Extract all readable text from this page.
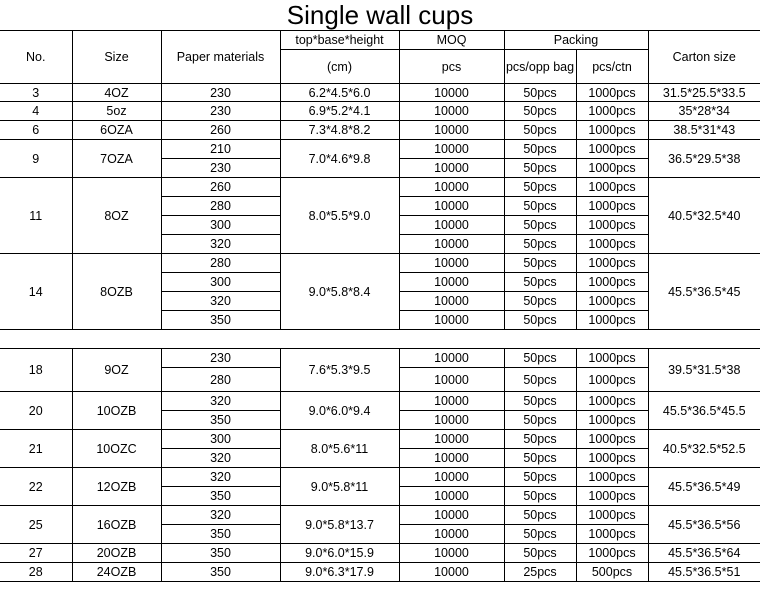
Single wall cups
No.	Size	Paper materials	top*base*height	MOQ	Packing		Carton size
			(cm)	pcs	pcs/opp bag	pcs/ctn	
3	4OZ	230	6.2*4.5*6.0	10000	50pcs	1000pcs	31.5*25.5*33.5
4	5oz	230	6.9*5.2*4.1	10000	50pcs	1000pcs	35*28*34
6	6OZA	260	7.3*4.8*8.2	10000	50pcs	1000pcs	38.5*31*43
9	7OZA	210	7.0*4.6*9.8	10000	50pcs	1000pcs	36.5*29.5*38
		230		10000	50pcs	1000pcs	
11	8OZ	260	8.0*5.5*9.0	10000	50pcs	1000pcs	40.5*32.5*40
		280		10000	50pcs	1000pcs	
		300		10000	50pcs	1000pcs	
		320		10000	50pcs	1000pcs	
14	8OZB	280	9.0*5.8*8.4	10000	50pcs	1000pcs	45.5*36.5*45
		300		10000	50pcs	1000pcs	
		320		10000	50pcs	1000pcs	
		350		10000	50pcs	1000pcs	

18	9OZ	230	7.6*5.3*9.5	10000	50pcs	1000pcs	39.5*31.5*38
		280		10000	50pcs	1000pcs	
20	10OZB	320	9.0*6.0*9.4	10000	50pcs	1000pcs	45.5*36.5*45.5
		350		10000	50pcs	1000pcs	
21	10OZC	300	8.0*5.6*11	10000	50pcs	1000pcs	40.5*32.5*52.5
		320		10000	50pcs	1000pcs	
22	12OZB	320	9.0*5.8*11	10000	50pcs	1000pcs	45.5*36.5*49
		350		10000	50pcs	1000pcs	
25	16OZB	320	9.0*5.8*13.7	10000	50pcs	1000pcs	45.5*36.5*56
		350		10000	50pcs	1000pcs	
27	20OZB	350	9.0*6.0*15.9	10000	50pcs	1000pcs	45.5*36.5*64
28	24OZB	350	9.0*6.3*17.9	10000	25pcs	500pcs	45.5*36.5*51
